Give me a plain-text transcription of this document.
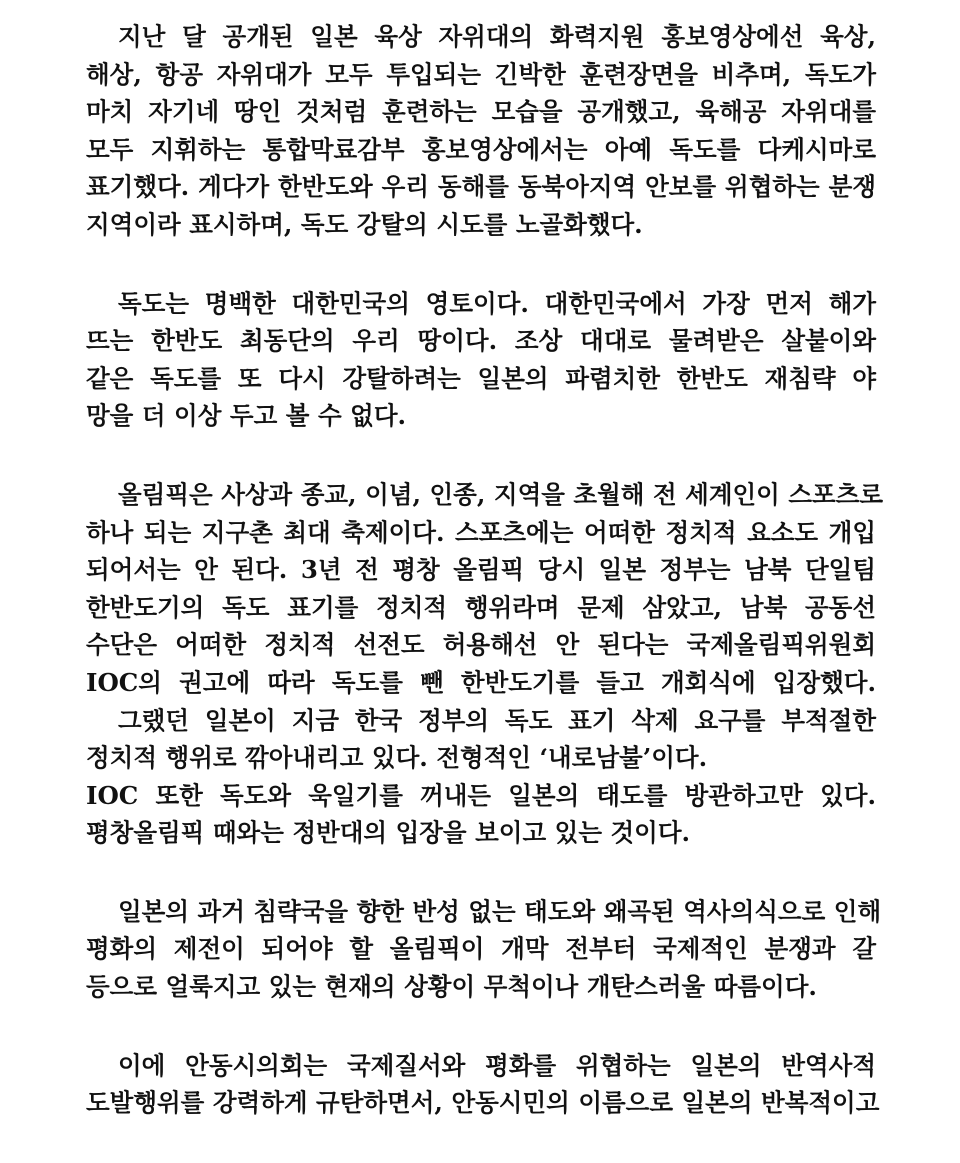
지난 달 공개된 일본 육상 자위대의 화력지원 홍보영상에선 육상,
해상, 항공 자위대가 모두 투입되는 긴박한 훈련장면을 비추며, 독도가
마치 자기네 땅인 것처럼 훈련하는 모습을 공개했고, 육해공 자위대를
모두 지휘하는 통합막료감부 홍보영상에서는 아예 독도를 다케시마로
표기했다. 게다가 한반도와 우리 동해를 동북아지역 안보를 위협하는 분쟁
지역이라 표시하며, 독도 강탈의 시도를 노골화했다.
독도는 명백한 대한민국의 영토이다. 대한민국에서 가장 먼저 해가
뜨는 한반도 최동단의 우리 땅이다. 조상 대대로 물려받은 살붙이와
같은 독도를 또 다시 강탈하려는 일본의 파렴치한 한반도 재침략 야
망을 더 이상 두고 볼 수 없다.
올림픽은 사상과 종교, 이념, 인종, 지역을 초월해 전 세계인이 스포츠로
하나 되는 지구촌 최대 축제이다. 스포츠에는 어떠한 정치적 요소도 개입
되어서는 안 된다. 3년 전 평창 올림픽 당시 일본 정부는 남북 단일팀
한반도기의 독도 표기를 정치적 행위라며 문제 삼았고, 남북 공동선
수단은 어떠한 정치적 선전도 허용해선 안 된다는 국제올림픽위원회
IOC의 권고에 따라 독도를 뺀 한반도기를 들고 개회식에 입장했다.
그랬던 일본이 지금 한국 정부의 독도 표기 삭제 요구를 부적절한
정치적 행위로 깎아내리고 있다. 전형적인 ‘내로남불’이다.
IOC 또한 독도와 욱일기를 꺼내든 일본의 태도를 방관하고만 있다.
평창올림픽 때와는 정반대의 입장을 보이고 있는 것이다.
일본의 과거 침략국을 향한 반성 없는 태도와 왜곡된 역사의식으로 인해
평화의 제전이 되어야 할 올림픽이 개막 전부터 국제적인 분쟁과 갈
등으로 얼룩지고 있는 현재의 상황이 무척이나 개탄스러울 따름이다.
이에 안동시의회는 국제질서와 평화를 위협하는 일본의 반역사적
도발행위를 강력하게 규탄하면서, 안동시민의 이름으로 일본의 반복적이고
